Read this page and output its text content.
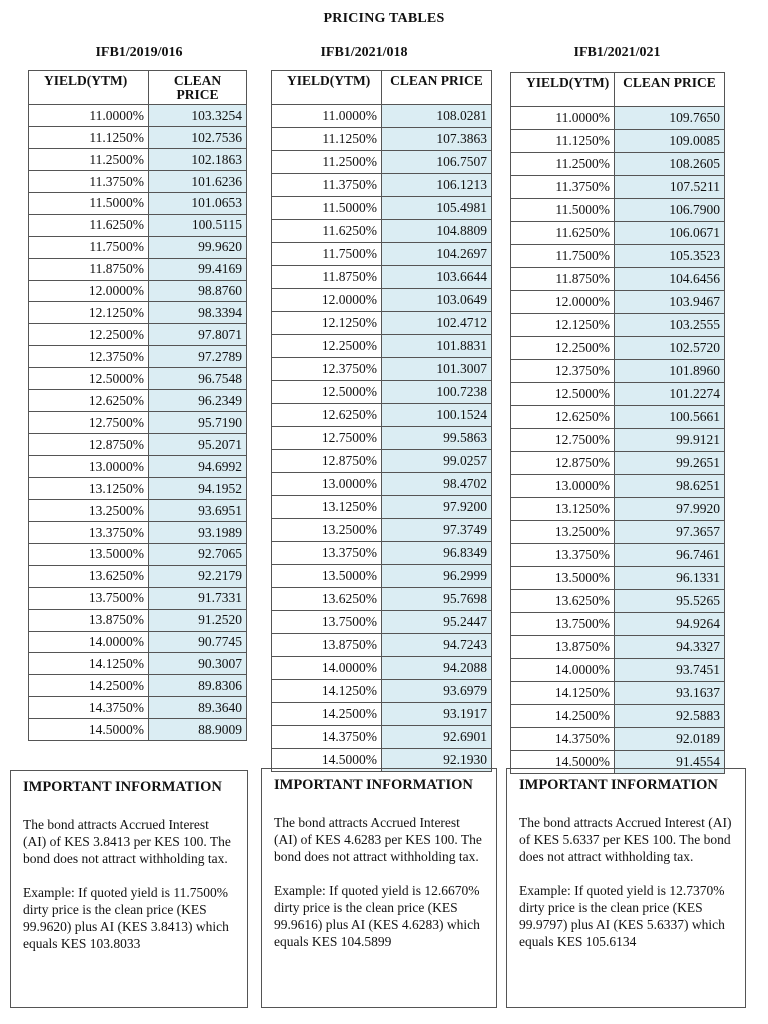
PRICING TABLES
IFB1/2019/016
YIELD(YTM)	CLEAN PRICE
11.0000%	103.3254
11.1250%	102.7536
11.2500%	102.1863
11.3750%	101.6236
11.5000%	101.0653
11.6250%	100.5115
11.7500%	99.9620
11.8750%	99.4169
12.0000%	98.8760
12.1250%	98.3394
12.2500%	97.8071
12.3750%	97.2789
12.5000%	96.7548
12.6250%	96.2349
12.7500%	95.7190
12.8750%	95.2071
13.0000%	94.6992
13.1250%	94.1952
13.2500%	93.6951
13.3750%	93.1989
13.5000%	92.7065
13.6250%	92.2179
13.7500%	91.7331
13.8750%	91.2520
14.0000%	90.7745
14.1250%	90.3007
14.2500%	89.8306
14.3750%	89.3640
14.5000%	88.9009
IMPORTANT INFORMATION

The bond attracts Accrued Interest (AI) of KES 3.8413 per KES 100. The bond does not attract withholding tax.

Example: If quoted yield is 11.7500% dirty price is the clean price (KES 99.9620) plus AI (KES 3.8413) which equals KES 103.8033

IFB1/2021/018
YIELD(YTM)	CLEAN PRICE
11.0000%	108.0281
11.1250%	107.3863
11.2500%	106.7507
11.3750%	106.1213
11.5000%	105.4981
11.6250%	104.8809
11.7500%	104.2697
11.8750%	103.6644
12.0000%	103.0649
12.1250%	102.4712
12.2500%	101.8831
12.3750%	101.3007
12.5000%	100.7238
12.6250%	100.1524
12.7500%	99.5863
12.8750%	99.0257
13.0000%	98.4702
13.1250%	97.9200
13.2500%	97.3749
13.3750%	96.8349
13.5000%	96.2999
13.6250%	95.7698
13.7500%	95.2447
13.8750%	94.7243
14.0000%	94.2088
14.1250%	93.6979
14.2500%	93.1917
14.3750%	92.6901
14.5000%	92.1930
IMPORTANT INFORMATION

The bond attracts Accrued Interest (AI) of KES 4.6283 per KES 100. The bond does not attract withholding tax.

Example: If quoted yield is 12.6670% dirty price is the clean price (KES 99.9616) plus AI (KES 4.6283) which equals KES 104.5899

IFB1/2021/021
YIELD(YTM)	CLEAN PRICE
11.0000%	109.7650
11.1250%	109.0085
11.2500%	108.2605
11.3750%	107.5211
11.5000%	106.7900
11.6250%	106.0671
11.7500%	105.3523
11.8750%	104.6456
12.0000%	103.9467
12.1250%	103.2555
12.2500%	102.5720
12.3750%	101.8960
12.5000%	101.2274
12.6250%	100.5661
12.7500%	99.9121
12.8750%	99.2651
13.0000%	98.6251
13.1250%	97.9920
13.2500%	97.3657
13.3750%	96.7461
13.5000%	96.1331
13.6250%	95.5265
13.7500%	94.9264
13.8750%	94.3327
14.0000%	93.7451
14.1250%	93.1637
14.2500%	92.5883
14.3750%	92.0189
14.5000%	91.4554
IMPORTANT INFORMATION

The bond attracts Accrued Interest (AI) of KES 5.6337 per KES 100. The bond does not attract withholding tax.

Example: If quoted yield is 12.7370% dirty price is the clean price (KES 99.9797) plus AI (KES 5.6337) which equals KES 105.6134
